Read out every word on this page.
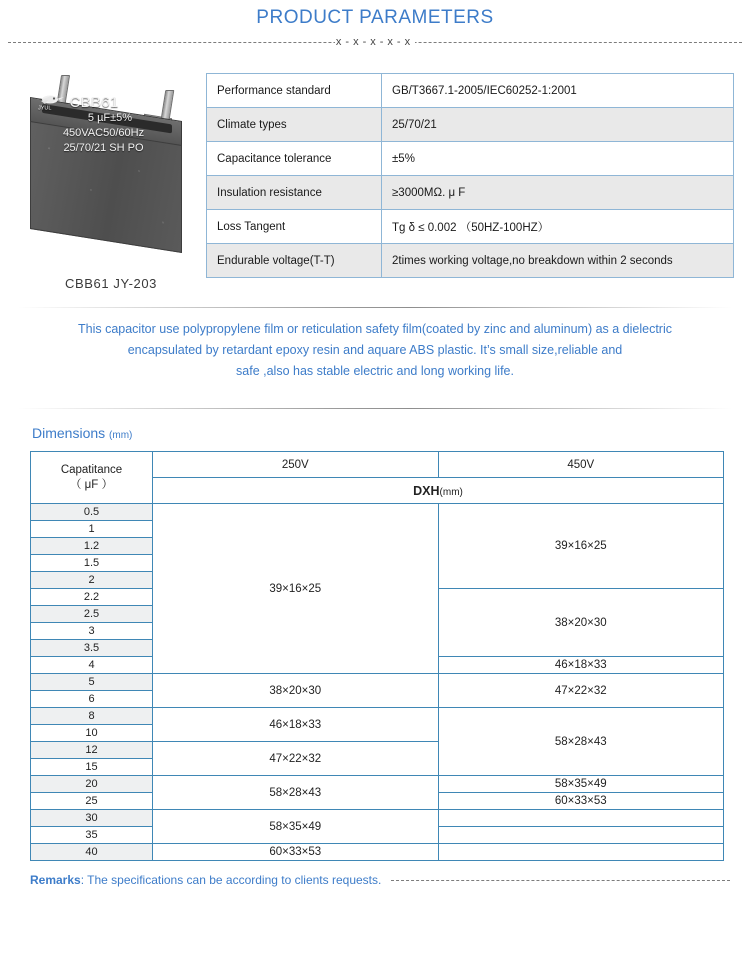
PRODUCT PARAMETERS
x-x-x-x-x
JYUL CBB61
5 µF±5%
450VAC50/60Hz
25/70/21 SH PO
CBB61 JY-203
Performance standard	GB/T3667.1-2005/IEC60252-1:2001
Climate types	25/70/21
Capacitance tolerance	±5%
Insulation resistance	≥3000MΩ. μ F
Loss Tangent	Tg δ ≤ 0.002 （50HZ-100HZ）
Endurable voltage(T-T)	2times working voltage,no breakdown within 2 seconds
This capacitor use polypropylene film or reticulation safety film(coated by zinc and aluminum) as a dielectric
encapsulated by retardant epoxy resin and aquare ABS plastic. It’s small size,reliable and
safe ,also has stable electric and long working life.
Dimensions (mm)
Capatitance
（ μF ）	250V	450V
	DXH(mm)	
0.5	39×16×25	39×16×25
1		
1.2		
1.5		
2		
2.2		38×20×30
2.5		
3		
3.5		
4		46×18×33
5	38×20×30	47×22×32
6		
8	46×18×33	58×28×43
10		
12	47×22×32	
15		
20	58×28×43	58×35×49
25		60×33×53
30	58×35×49	
35		
40	60×33×53	
Remarks: The specifications can be according to clients requests.
